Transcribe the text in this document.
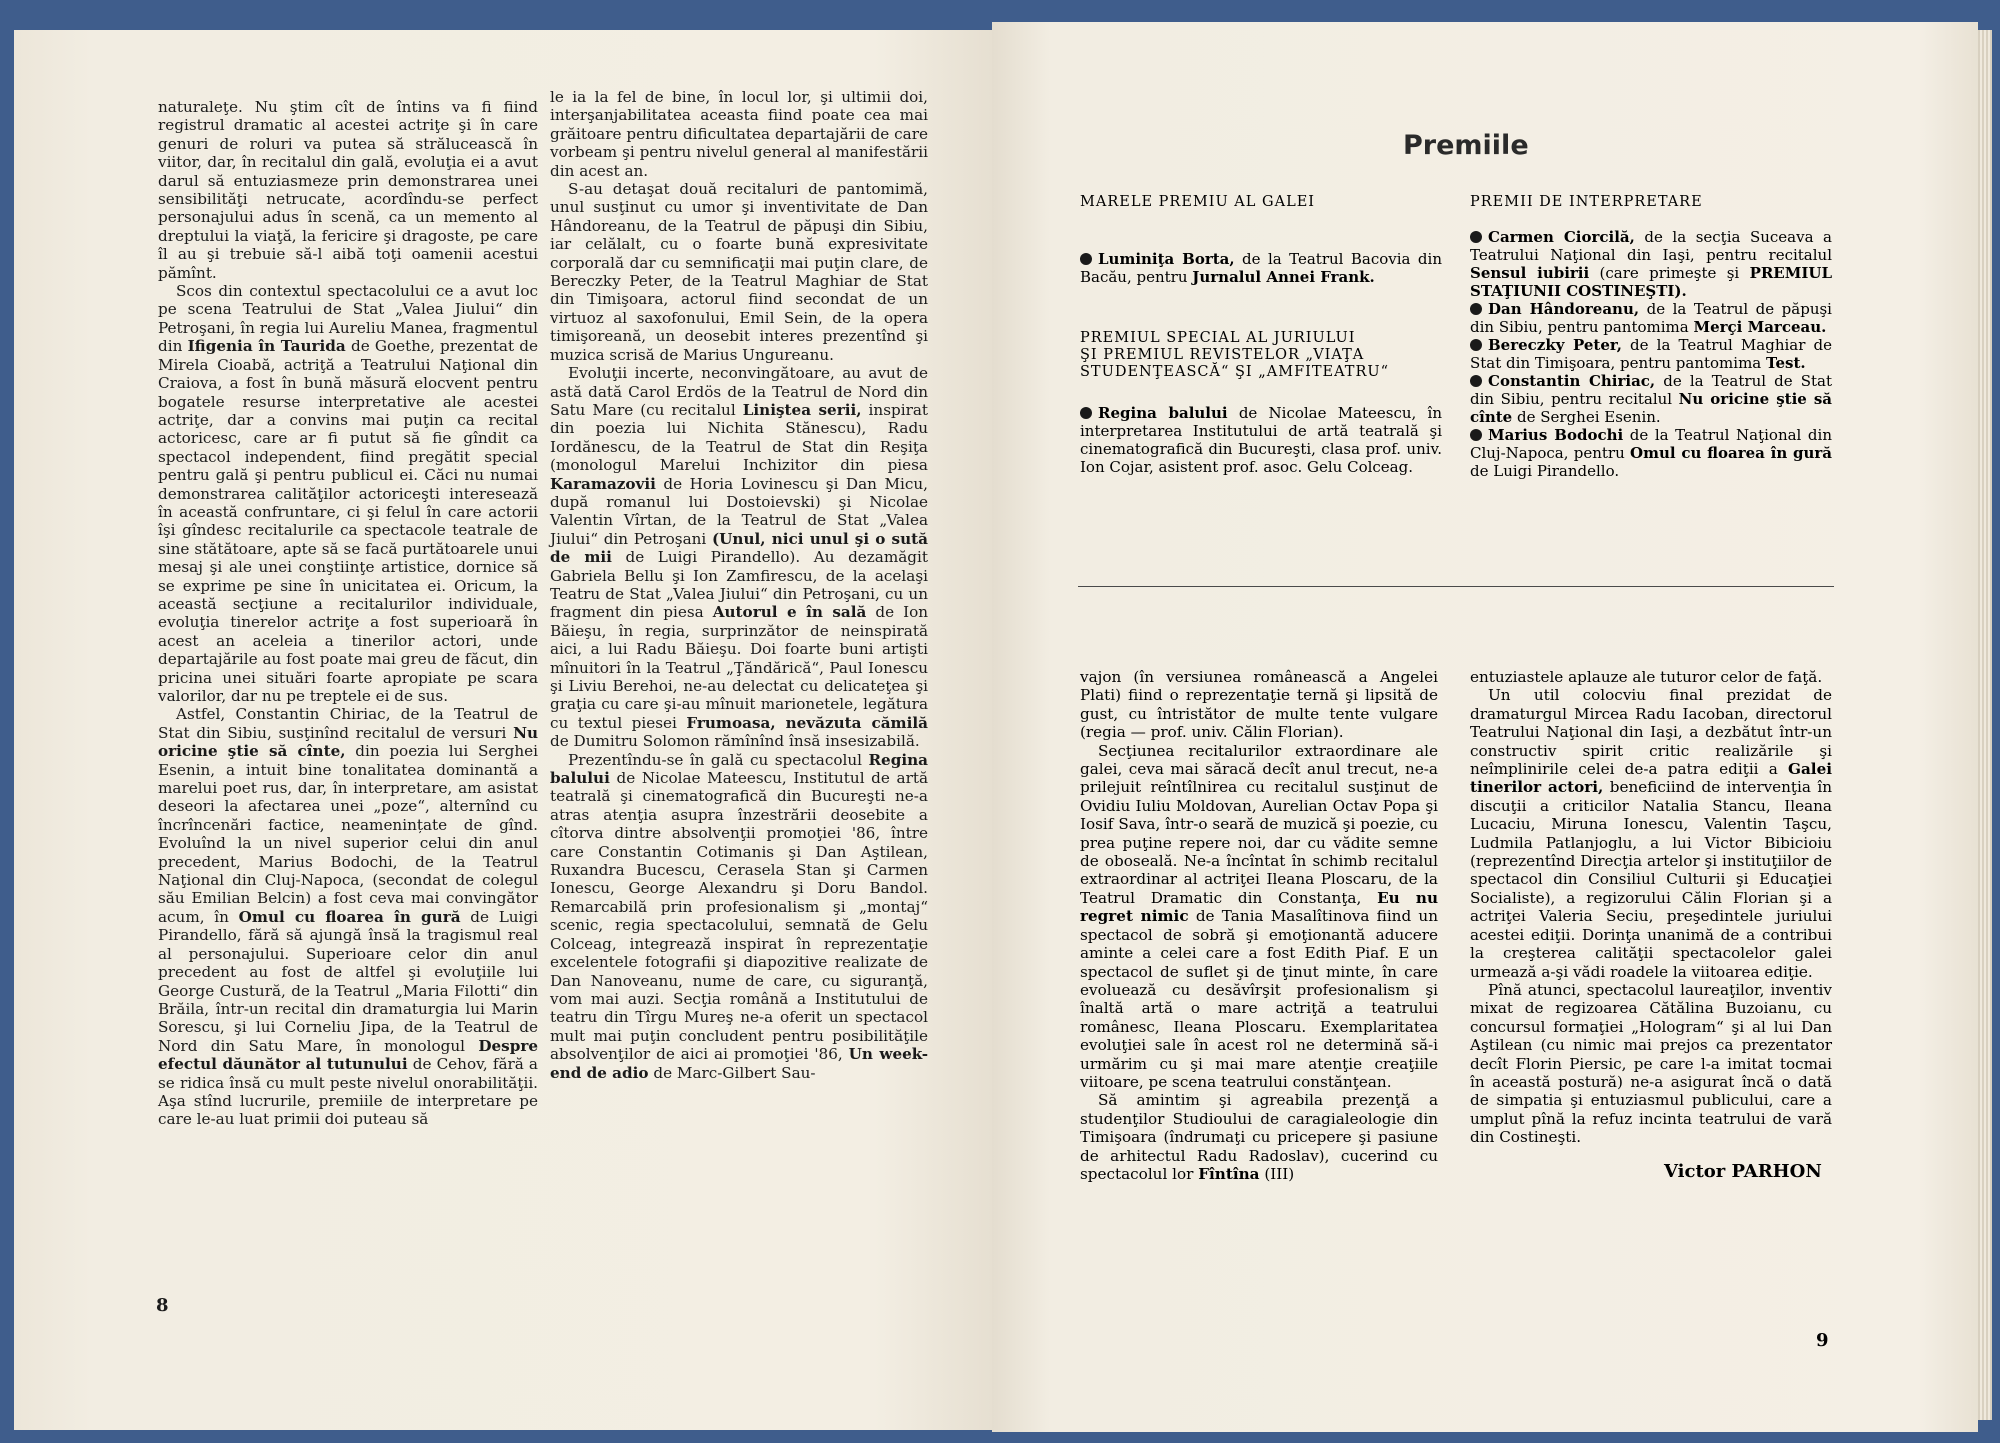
naturaleţe. Nu ştim cît de întins va fi fiind registrul dramatic al acestei actriţe şi în care genuri de roluri va putea să strălucească în viitor, dar, în recitalul din gală, evoluţia ei a avut darul să entuziasmeze prin demonstrarea unei sensibilităţi netrucate, acordîndu-se perfect personajului adus în scenă, ca un memento al dreptului la viaţă, la fericire şi dragoste, pe care îl au şi trebuie să-l aibă toţi oamenii acestui pămînt.

Scos din contextul spectacolului ce a avut loc pe scena Teatrului de Stat „Valea Jiului“ din Petroşani, în regia lui Aureliu Manea, fragmentul din Ifigenia în Taurida de Goethe, prezentat de Mirela Cioabă, actriţă a Teatrului Naţional din Craiova, a fost în bună măsură elocvent pentru bogatele resurse interpretative ale acestei actriţe, dar a convins mai puţin ca recital actoricesc, care ar fi putut să fie gîndit ca spectacol independent, fiind pregătit special pentru gală şi pentru publicul ei. Căci nu numai demonstrarea calităţilor actoriceşti interesează în această confruntare, ci şi felul în care actorii îşi gîndesc recitalurile ca spectacole teatrale de sine stătătoare, apte să se facă purtătoarele unui mesaj şi ale unei conştiinţe artistice, dornice să se exprime pe sine în unicitatea ei. Oricum, la această secţiune a recitalurilor individuale, evoluţia tinerelor actriţe a fost superioară în acest an aceleia a tinerilor actori, unde departajările au fost poate mai greu de făcut, din pricina unei situări foarte apropiate pe scara valorilor, dar nu pe treptele ei de sus.

Astfel, Constantin Chiriac, de la Teatrul de Stat din Sibiu, susţinînd recitalul de versuri Nu oricine ştie să cînte, din poezia lui Serghei Esenin, a intuit bine tonalitatea dominantă a marelui poet rus, dar, în interpretare, am asistat deseori la afectarea unei „poze“, alternînd cu încrîncenări factice, neamenințate de gînd. Evoluînd la un nivel superior celui din anul precedent, Marius Bodochi, de la Teatrul Naţional din Cluj-Napoca, (secondat de colegul său Emilian Belcin) a fost ceva mai convingător acum, în Omul cu floarea în gură de Luigi Pirandello, fără să ajungă însă la tragismul real al personajului. Superioare celor din anul precedent au fost de altfel şi evoluţiile lui George Custură, de la Teatrul „Maria Filotti“ din Brăila, într-un recital din dramaturgia lui Marin Sorescu, şi lui Corneliu Jipa, de la Teatrul de Nord din Satu Mare, în monologul Despre efectul dăunător al tutunului de Cehov, fără a se ridica însă cu mult peste nivelul onorabilităţii. Aşa stînd lucrurile, premiile de interpretare pe care le-au luat primii doi puteau să

le ia la fel de bine, în locul lor, şi ultimii doi, interşanjabilitatea aceasta fiind poate cea mai grăitoare pentru dificultatea departajării de care vorbeam şi pentru nivelul general al manifestării din acest an.

S-au detaşat două recitaluri de pantomimă, unul susţinut cu umor şi inventivitate de Dan Hândoreanu, de la Teatrul de păpuşi din Sibiu, iar celălalt, cu o foarte bună expresivitate corporală dar cu semnificaţii mai puţin clare, de Bereczky Peter, de la Teatrul Maghiar de Stat din Timişoara, actorul fiind secondat de un virtuoz al saxofonului, Emil Sein, de la opera timişoreană, un deosebit interes prezentînd şi muzica scrisă de Marius Ungureanu.

Evoluţii incerte, neconvingătoare, au avut de astă dată Carol Erdös de la Teatrul de Nord din Satu Mare (cu recitalul Liniştea serii, inspirat din poezia lui Nichita Stănescu), Radu Iordănescu, de la Teatrul de Stat din Reşiţa (monologul Marelui Inchizitor din piesa Karamazovii de Horia Lovinescu şi Dan Micu, după romanul lui Dostoievski) şi Nicolae Valentin Vîrtan, de la Teatrul de Stat „Valea Jiului“ din Petroşani (Unul, nici unul şi o sută de mii de Luigi Pirandello). Au dezamăgit Gabriela Bellu şi Ion Zamfirescu, de la acelaşi Teatru de Stat „Valea Jiului“ din Petroşani, cu un fragment din piesa Autorul e în sală de Ion Băieşu, în regia, surprinzător de neinspirată aici, a lui Radu Băieşu. Doi foarte buni artişti mînuitori în la Teatrul „Ţăndărică“, Paul Ionescu şi Liviu Berehoi, ne-au delectat cu delicateţea şi graţia cu care şi-au mînuit marionetele, legătura cu textul piesei Frumoasa, nevăzuta cămilă de Dumitru Solomon rămînînd însă insesizabilă.

Prezentîndu-se în gală cu spectacolul Regina balului de Nicolae Mateescu, Institutul de artă teatrală şi cinematografică din Bucureşti ne-a atras atenţia asupra înzestrării deosebite a cîtorva dintre absolvenţii promoţiei '86, între care Constantin Cotimanis şi Dan Aştilean, Ruxandra Bucescu, Cerasela Stan şi Carmen Ionescu, George Alexandru şi Doru Bandol. Remarcabilă prin profesionalism şi „montaj“ scenic, regia spectacolului, semnată de Gelu Colceag, integrează inspirat în reprezentaţie excelentele fotografii şi diapozitive realizate de Dan Nanoveanu, nume de care, cu siguranţă, vom mai auzi. Secţia română a Institutului de teatru din Tîrgu Mureş ne-a oferit un spectacol mult mai puţin concludent pentru posibilităţile absolvenţilor de aici ai promoţiei '86, Un week-end de adio de Marc-Gilbert Sau-

8
Premiile
MARELE PREMIU AL GALEI

Luminiţa Borta, de la Teatrul Bacovia din Bacău, pentru Jurnalul Annei Frank.

PREMIUL SPECIAL AL JURIULUI
ŞI PREMIUL REVISTELOR „VIAŢA STUDENŢEASCĂ“ ŞI „AMFITEATRU“

Regina balului de Nicolae Mateescu, în interpretarea Institutului de artă teatrală şi cinematografică din Bucureşti, clasa prof. univ. Ion Cojar, asistent prof. asoc. Gelu Colceag.

PREMII DE INTERPRETARE

Carmen Ciorcilă, de la secţia Suceava a Teatrului Naţional din Iaşi, pentru recitalul Sensul iubirii (care primeşte şi PREMIUL STAŢIUNII COSTINEŞTI).

Dan Hândoreanu, de la Teatrul de păpuşi din Sibiu, pentru pantomima Merçi Marceau.

Bereczky Peter, de la Teatrul Maghiar de Stat din Timişoara, pentru pantomima Test.

Constantin Chiriac, de la Teatrul de Stat din Sibiu, pentru recitalul Nu oricine ştie să cînte de Serghei Esenin.

Marius Bodochi de la Teatrul Naţional din Cluj-Napoca, pentru Omul cu floarea în gură de Luigi Pirandello.

vajon (în versiunea românească a Angelei Plati) fiind o reprezentaţie ternă şi lipsită de gust, cu întristător de multe tente vulgare (regia — prof. univ. Călin Florian).

Secţiunea recitalurilor extraordinare ale galei, ceva mai săracă decît anul trecut, ne-a prilejuit reîntîlnirea cu recitalul susţinut de Ovidiu Iuliu Moldovan, Aurelian Octav Popa şi Iosif Sava, într-o seară de muzică şi poezie, cu prea puţine repere noi, dar cu vădite semne de oboseală. Ne-a încîntat în schimb recitalul extraordinar al actriţei Ileana Ploscaru, de la Teatrul Dramatic din Constanţa, Eu nu regret nimic de Tania Masalîtinova fiind un spectacol de sobră şi emoţionantă aducere aminte a celei care a fost Edith Piaf. E un spectacol de suflet şi de ţinut minte, în care evoluează cu desăvîrşit profesionalism şi înaltă artă o mare actriţă a teatrului românesc, Ileana Ploscaru. Exemplaritatea evoluţiei sale în acest rol ne determină să-i urmărim cu şi mai mare atenţie creaţiile viitoare, pe scena teatrului constănţean.

Să amintim şi agreabila prezenţă a studenţilor Studioului de caragialeologie din Timişoara (îndrumaţi cu pricepere şi pasiune de arhitectul Radu Radoslav), cucerind cu spectacolul lor Fîntîna (III)

entuziastele aplauze ale tuturor celor de faţă.

Un util colocviu final prezidat de dramaturgul Mircea Radu Iacoban, directorul Teatrului Naţional din Iaşi, a dezbătut într-un constructiv spirit critic realizările şi neîmplinirile celei de-a patra ediţii a Galei tinerilor actori, beneficiind de intervenţia în discuţii a criticilor Natalia Stancu, Ileana Lucaciu, Miruna Ionescu, Valentin Taşcu, Ludmila Patlanjoglu, a lui Victor Bibicioiu (reprezentînd Direcţia artelor şi instituţiilor de spectacol din Consiliul Culturii şi Educaţiei Socialiste), a regizorului Călin Florian şi a actriţei Valeria Seciu, preşedintele juriului acestei ediţii. Dorinţa unanimă de a contribui la creşterea calităţii spectacolelor galei urmează a-şi vădi roadele la viitoarea ediţie.

Pînă atunci, spectacolul laureaţilor, inventiv mixat de regizoarea Cătălina Buzoianu, cu concursul formaţiei „Hologram“ şi al lui Dan Aştilean (cu nimic mai prejos ca prezentator decît Florin Piersic, pe care l-a imitat tocmai în această postură) ne-a asigurat încă o dată de simpatia şi entuziasmul publicului, care a umplut pînă la refuz incinta teatrului de vară din Costineşti.

Victor PARHON
9
